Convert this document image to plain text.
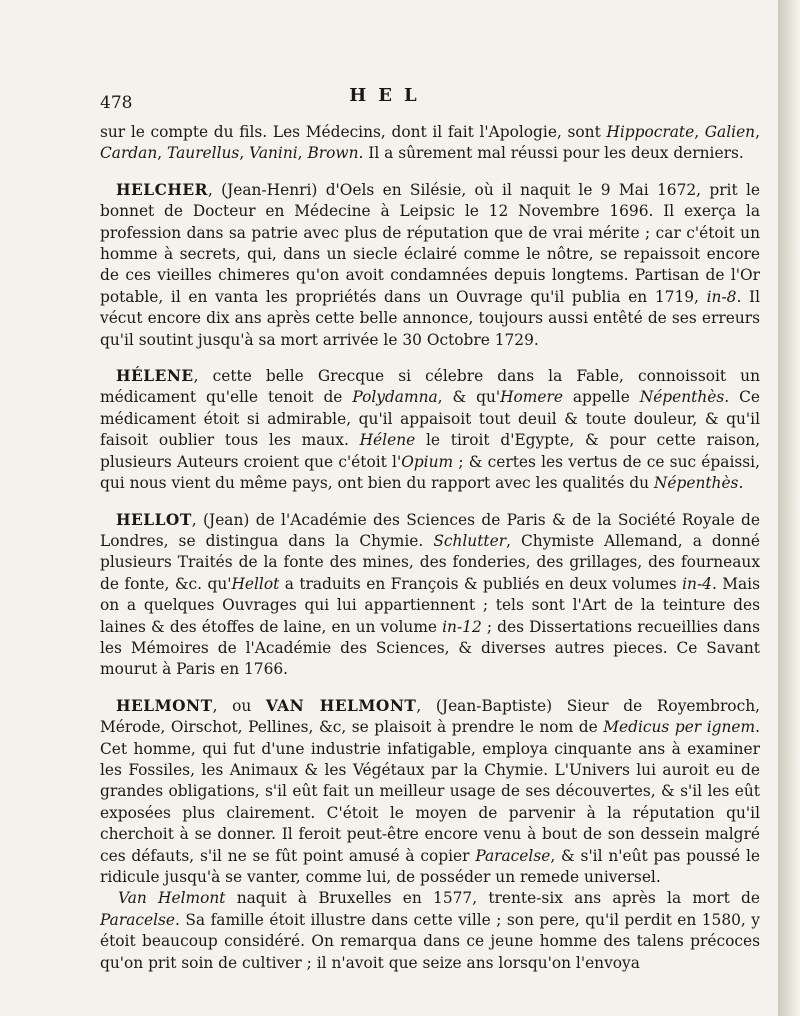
478	HEL

sur le compte du fils. Les Médecins, dont il fait l'Apologie, sont Hippocrate, Galien, Cardan, Taurellus, Vanini, Brown. Il a sûrement mal réussi pour les deux derniers.

HELCHER, (Jean-Henri) d'Oels en Silésie, où il naquit le 9 Mai 1672, prit le bonnet de Docteur en Médecine à Leipsic le 12 Novembre 1696. Il exerça la profession dans sa patrie avec plus de réputation que de vrai mérite ; car c'étoit un homme à secrets, qui, dans un siecle éclairé comme le nôtre, se repaissoit encore de ces vieilles chimeres qu'on avoit condamnées depuis longtems. Partisan de l'Or potable, il en vanta les propriétés dans un Ouvrage qu'il publia en 1719, in-8. Il vécut encore dix ans après cette belle annonce, toujours aussi entêté de ses erreurs qu'il soutint jusqu'à sa mort arrivée le 30 Octobre 1729.

HÉLENE, cette belle Grecque si célebre dans la Fable, connoissoit un médicament qu'elle tenoit de Polydamna, & qu'Homere appelle Népenthès. Ce médicament étoit si admirable, qu'il appaisoit tout deuil & toute douleur, & qu'il faisoit oublier tous les maux. Hélene le tiroit d'Egypte, & pour cette raison, plusieurs Auteurs croient que c'étoit l'Opium ; & certes les vertus de ce suc épaissi, qui nous vient du même pays, ont bien du rapport avec les qualités du Népenthès.

HELLOT, (Jean) de l'Académie des Sciences de Paris & de la Société Royale de Londres, se distingua dans la Chymie. Schlutter, Chymiste Allemand, a donné plusieurs Traités de la fonte des mines, des fonderies, des grillages, des fourneaux de fonte, &c. qu'Hellot a traduits en François & publiés en deux volumes in-4. Mais on a quelques Ouvrages qui lui appartiennent ; tels sont l'Art de la teinture des laines & des étoffes de laine, en un volume in-12 ; des Dissertations recueillies dans les Mémoires de l'Académie des Sciences, & diverses autres pieces. Ce Savant mourut à Paris en 1766.

HELMONT, ou VAN HELMONT, (Jean-Baptiste) Sieur de Royembroch, Mérode, Oirschot, Pellines, &c, se plaisoit à prendre le nom de Medicus per ignem. Cet homme, qui fut d'une industrie infatigable, employa cinquante ans à examiner les Fossiles, les Animaux & les Végétaux par la Chymie. L'Univers lui auroit eu de grandes obligations, s'il eût fait un meilleur usage de ses découvertes, & s'il les eût exposées plus clairement. C'étoit le moyen de parvenir à la réputation qu'il cherchoit à se donner. Il feroit peut-être encore venu à bout de son dessein malgré ces défauts, s'il ne se fût point amusé à copier Paracelse, & s'il n'eût pas poussé le ridicule jusqu'à se vanter, comme lui, de posséder un remede universel.

Van Helmont naquit à Bruxelles en 1577, trente-six ans après la mort de Paracelse. Sa famille étoit illustre dans cette ville ; son pere, qu'il perdit en 1580, y étoit beaucoup considéré. On remarqua dans ce jeune homme des talens précoces qu'on prit soin de cultiver ; il n'avoit que seize ans lorsqu'on l'envoya
